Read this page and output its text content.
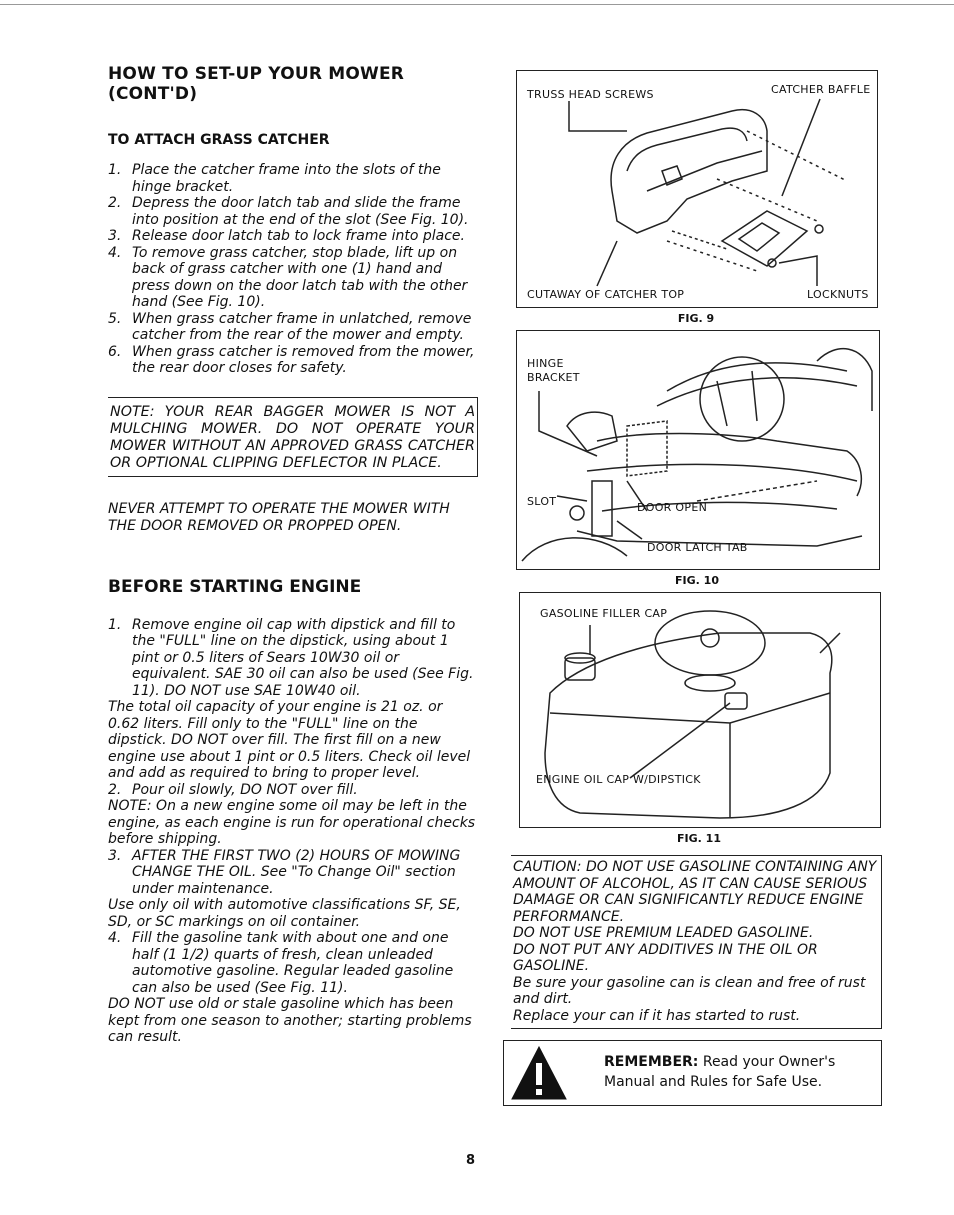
HOW TO SET-UP YOUR MOWER (CONT'D)
TO ATTACH GRASS CATCHER
1. Place the catcher frame into the slots of the hinge bracket.
2. Depress the door latch tab and slide the frame into position at the end of the slot (See Fig. 10).
3. Release door latch tab to lock frame into place.
4. To remove grass catcher, stop blade, lift up on back of grass catcher with one (1) hand and press down on the door latch tab with the other hand (See Fig. 10).
5. When grass catcher frame in unlatched, remove catcher from the rear of the mower and empty.
6. When grass catcher is removed from the mower, the rear door closes for safety.
NOTE: YOUR REAR BAGGER MOWER IS NOT A MULCHING MOWER. DO NOT OPERATE YOUR MOWER WITHOUT AN APPROVED GRASS CATCHER OR OPTIONAL CLIPPING DEFLECTOR IN PLACE.
NEVER ATTEMPT TO OPERATE THE MOWER WITH THE DOOR REMOVED OR PROPPED OPEN.
BEFORE STARTING ENGINE
1. Remove engine oil cap with dipstick and fill to the "FULL" line on the dipstick, using about 1 pint or 0.5 liters of Sears 10W30 oil or equivalent. SAE 30 oil can also be used (See Fig. 11). DO NOT use SAE 10W40 oil.
The total oil capacity of your engine is 21 oz. or 0.62 liters. Fill only to the "FULL" line on the dipstick. DO NOT over fill. The first fill on a new engine use about 1 pint or 0.5 liters. Check oil level and add as required to bring to proper level.
2. Pour oil slowly, DO NOT over fill.
NOTE: On a new engine some oil may be left in the engine, as each engine is run for operational checks before shipping.
3. AFTER THE FIRST TWO (2) HOURS OF MOWING CHANGE THE OIL. See "To Change Oil" section under maintenance.
Use only oil with automotive classifications SF, SE, SD, or SC markings on oil container.
4. Fill the gasoline tank with about one and one half (1 1/2) quarts of fresh, clean unleaded automotive gasoline. Regular leaded gasoline can also be used (See Fig. 11).
DO NOT use old or stale gasoline which has been kept from one season to another; starting problems can result.
TRUSS HEAD SCREWS	CATCHER BAFFLE
CUTAWAY OF CATCHER TOP	LOCKNUTS
FIG. 9
HINGE
BRACKET
SLOT	DOOR OPEN
DOOR LATCH TAB
FIG. 10
GASOLINE FILLER CAP
ENGINE OIL CAP W/DIPSTICK
FIG. 11
CAUTION: DO NOT USE GASOLINE CONTAINING ANY AMOUNT OF ALCOHOL, AS IT CAN CAUSE SERIOUS DAMAGE OR CAN SIGNIFICANTLY REDUCE ENGINE PERFORMANCE.
DO NOT USE PREMIUM LEADED GASOLINE.
DO NOT PUT ANY ADDITIVES IN THE OIL OR GASOLINE.
Be sure your gasoline can is clean and free of rust and dirt.
Replace your can if it has started to rust.
REMEMBER: Read your Owner's Manual and Rules for Safe Use.
8
